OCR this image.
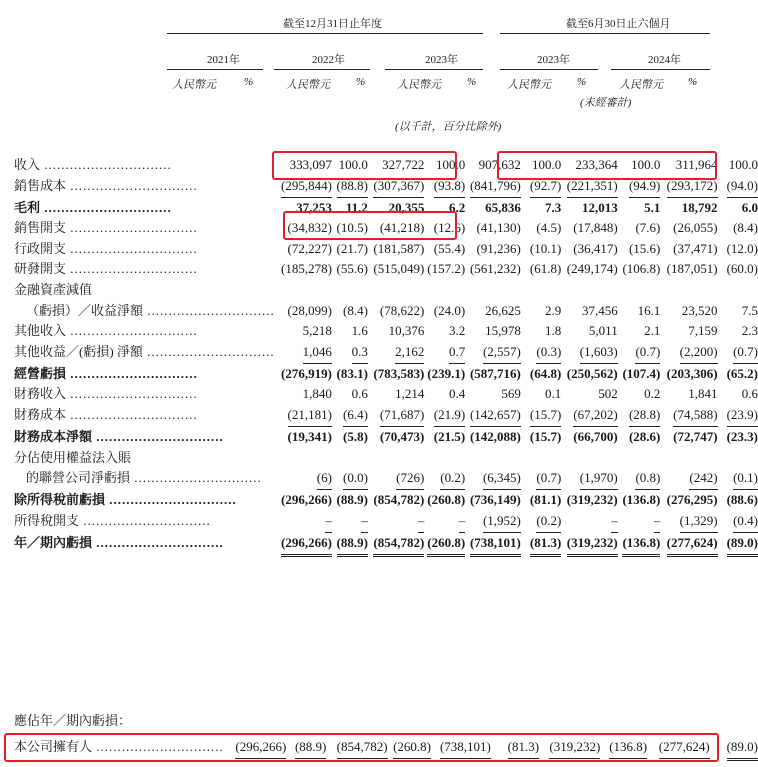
截至12月31日止年度	截至6月30日止六個月
2021年	2022年	2023年	2023年	2024年
人民幣元	%	人民幣元 %	人民幣元 %	人民幣元 %	人民幣元 %
(未經審計)
(以千計，百分比除外)
收入 ..............................	333,097	100.0	327,722	100.0	907,632	100.0	233,364	100.0	311,964	100.0
銷售成本 ..............................	(295,844)	(88.8)	(307,367)	(93.8)	(841,796)	(92.7)	(221,351)	(94.9)	(293,172)	(94.0)
毛利 ..............................	37,253	11.2	20,355	6.2	65,836	7.3	12,013	5.1	18,792	6.0
銷售開支 ..............................	(34,832)	(10.5)	(41,218)	(12.6)	(41,130)	(4.5)	(17,848)	(7.6)	(26,055)	(8.4)
行政開支 ..............................	(72,227)	(21.7)	(181,587)	(55.4)	(91,236)	(10.1)	(36,417)	(15.6)	(37,471)	(12.0)
研發開支 ..............................	(185,278)	(55.6)	(515,049)	(157.2)	(561,232)	(61.8)	(249,174)	(106.8)	(187,051)	(60.0)
金融資產減值										
（虧損）／收益淨額 ..............................	(28,099)	(8.4)	(78,622)	(24.0)	26,625	2.9	37,456	16.1	23,520	7.5
其他收入 ..............................	5,218	1.6	10,376	3.2	15,978	1.8	5,011	2.1	7,159	2.3
其他收益／(虧損) 淨額 ..............................	1,046	0.3	2,162	0.7	(2,557)	(0.3)	(1,603)	(0.7)	(2,200)	(0.7)
經營虧損 ..............................	(276,919)	(83.1)	(783,583)	(239.1)	(587,716)	(64.8)	(250,562)	(107.4)	(203,306)	(65.2)
財務收入 ..............................	1,840	0.6	1,214	0.4	569	0.1	502	0.2	1,841	0.6
財務成本 ..............................	(21,181)	(6.4)	(71,687)	(21.9)	(142,657)	(15.7)	(67,202)	(28.8)	(74,588)	(23.9)
財務成本淨額 ..............................	(19,341)	(5.8)	(70,473)	(21.5)	(142,088)	(15.7)	(66,700)	(28.6)	(72,747)	(23.3)
分佔使用權益法入賬										
的聯營公司淨虧損 ..............................	(6)	(0.0)	(726)	(0.2)	(6,345)	(0.7)	(1,970)	(0.8)	(242)	(0.1)
除所得稅前虧損 ..............................	(296,266)	(88.9)	(854,782)	(260.8)	(736,149)	(81.1)	(319,232)	(136.8)	(276,295)	(88.6)
所得稅開支 ..............................	–	–	–	–	(1,952)	(0.2)	–	–	(1,329)	(0.4)
年／期內虧損 ..............................	(296,266)	(88.9)	(854,782)	(260.8)	(738,101)	(81.3)	(319,232)	(136.8)	(277,624)	(89.0)
應佔年／期內虧損：
本公司擁有人 ..............................	(296,266)	(88.9)	(854,782)	(260.8)	(738,101)	(81.3)	(319,232)	(136.8)	(277,624)	(89.0)
